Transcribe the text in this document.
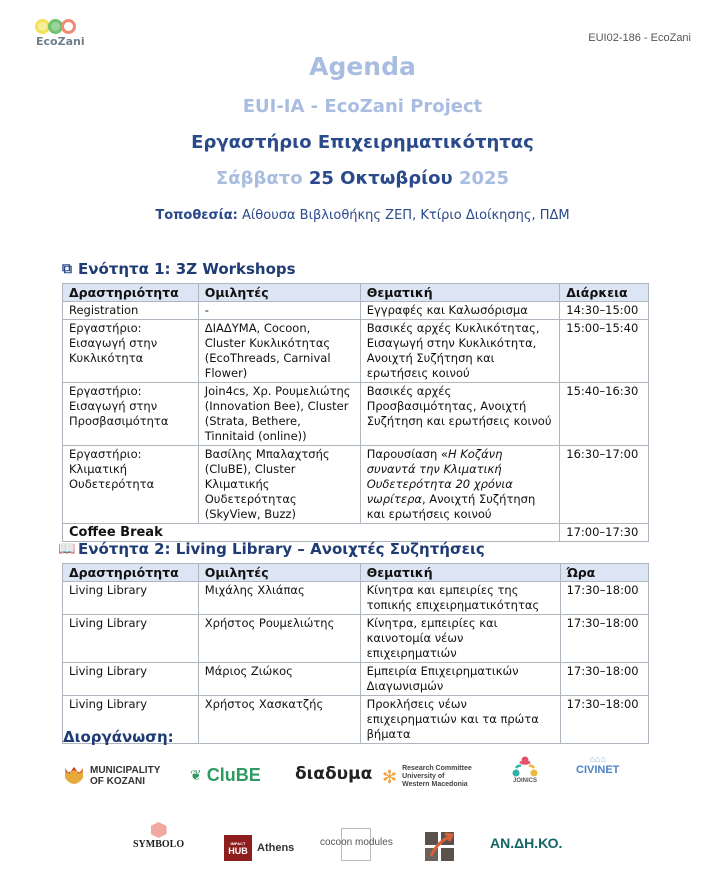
EcoZani	EUI02-186 - EcoZani
Agenda
EUI-IA - EcoZani Project
Εργαστήριο Επιχειρηματικότητας
Σάββατο 25 Οκτωβρίου 2025
Τοποθεσία: Αίθουσα Βιβλιοθήκης ΖΕΠ, Κτίριο Διοίκησης, ΠΔΜ
⧉ Ενότητα 1: 3Z Workshops
Δραστηριότητα	Ομιλητές	Θεματική	Διάρκεια
Registration	-	Εγγραφές και Καλωσόρισμα	14:30–15:00
Εργαστήριο: Εισαγωγή στην Κυκλικότητα	ΔΙΑΔΥΜΑ, Cocoon, Cluster Κυκλικότητας (EcoThreads, Carnival Flower)	Βασικές αρχές Κυκλικότητας, Εισαγωγή στην Κυκλικότητα, Ανοιχτή Συζήτηση και ερωτήσεις κοινού	15:00–15:40
Εργαστήριο: Εισαγωγή στην Προσβασιμότητα	Join4cs, Χρ. Ρουμελιώτης (Innovation Bee), Cluster (Strata, Bethere, Tinnitaid (online))	Βασικές αρχές Προσβασιμότητας, Ανοιχτή Συζήτηση και ερωτήσεις κοινού	15:40–16:30
Εργαστήριο: Κλιματική Ουδετερότητα	Βασίλης Μπαλαχτσής (CluBE), Cluster Κλιματικής Ουδετερότητας (SkyView, Buzz)	Παρουσίαση «Η Κοζάνη συναντά την Κλιματική Ουδετερότητα 20 χρόνια νωρίτερα, Ανοιχτή Συζήτηση και ερωτήσεις κοινού	16:30–17:00
Coffee Break			17:00–17:30
📖 Ενότητα 2: Living Library – Ανοιχτές Συζητήσεις
Δραστηριότητα	Ομιλητές	Θεματική	Ώρα
Living Library	Μιχάλης Χλιάπας	Κίνητρα και εμπειρίες της τοπικής επιχειρηματικότητας	17:30–18:00
Living Library	Χρήστος Ρουμελιώτης	Κίνητρα, εμπειρίες και καινοτομία νέων επιχειρηματιών	17:30–18:00
Living Library	Μάριος Ζιώκος	Εμπειρία Επιχειρηματικών Διαγωνισμών	17:30–18:00
Living Library	Χρήστος Χασκατζής	Προκλήσεις νέων επιχειρηματιών και τα πρώτα βήματα	17:30–18:00
Διοργάνωση:
MUNICIPALITY
OF KOZANI	❦ CluBE διαδυμα ✻ Research Committee
University of
Western Macedonia	JOINICS
⌂⌂⌂
CIVINET
SYMBOLO	IMPACT
HUB Athens	cocoon modules	AN.ΔΗ.ΚΟ.
